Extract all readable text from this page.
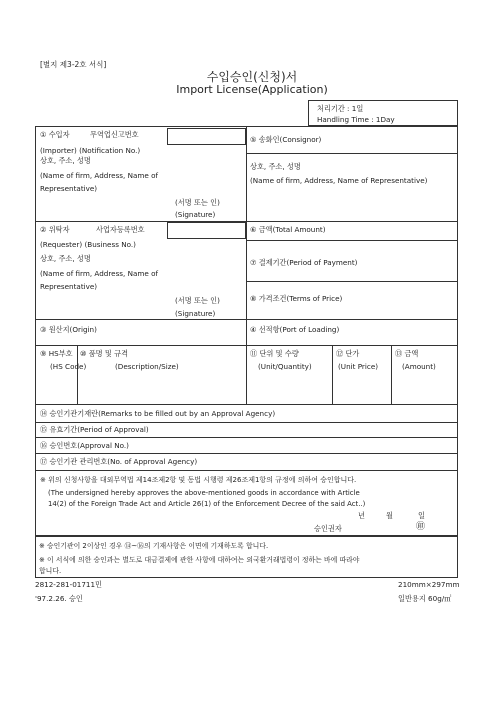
[별지 제3-2호 서식]
수입승인(신청)서
Import License(Application)
처리기간 : 1일
Handling Time : 1Day
① 수입자	무역업신고번호
(Importer) (Notification No.)
상호, 주소, 성명
(Name of firm, Address, Name of
Representative)
(서명 또는 인)
(Signature)
⑤ 송화인(Consignor)
상호, 주소, 성명
(Name of firm, Address, Name of Representative)
② 위탁자	사업자등록번호
(Requester) (Business No.)
상호, 주소, 성명
(Name of firm, Address, Name of
Representative)
(서명 또는 인)
(Signature)
⑥ 금액(Total Amount)
⑦ 결제기간(Period of Payment)
⑧ 가격조건(Terms of Price)
③ 원산지(Origin)	④ 선적항(Port of Loading)
⑨ HS부호
(HS Code)
⑩ 품명 및 규격
(Description/Size)
⑪ 단위 및 수량
(Unit/Quantity)
⑫ 단가
(Unit Price)
⑬ 금액
(Amount)
⑭ 승인기관기재란(Remarks to be filled out by an Approval Agency)
⑮ 유효기간(Period of Approval)
⑯ 승인번호(Approval No.)
⑰ 승인기관 관리번호(No. of Approval Agency)
※ 위의 신청사항을 대외무역법 제14조제2항 및 동법 시행령 제26조제1항의 규정에 의하여 승인합니다.
(The undersigned hereby approves the above-mentioned goods in accordance with Article
14(2) of the Foreign Trade Act and Article 26(1) of the Enforcement Decree of the said Act..)
년	월	일
승인권자	㊞
※ 승인기관이 2이상인 경우 ⑭~⑯의 기재사항은 이면에 기재하도록 합니다.
※ 이 서식에 의한 승인과는 별도로 대금결제에 관한 사항에 대하여는 외국환거래법령이 정하는 바에 따라야
합니다.
2812-281-01711민	210mm×297mm
'97.2.26. 승인	일반용지 60g/㎡
